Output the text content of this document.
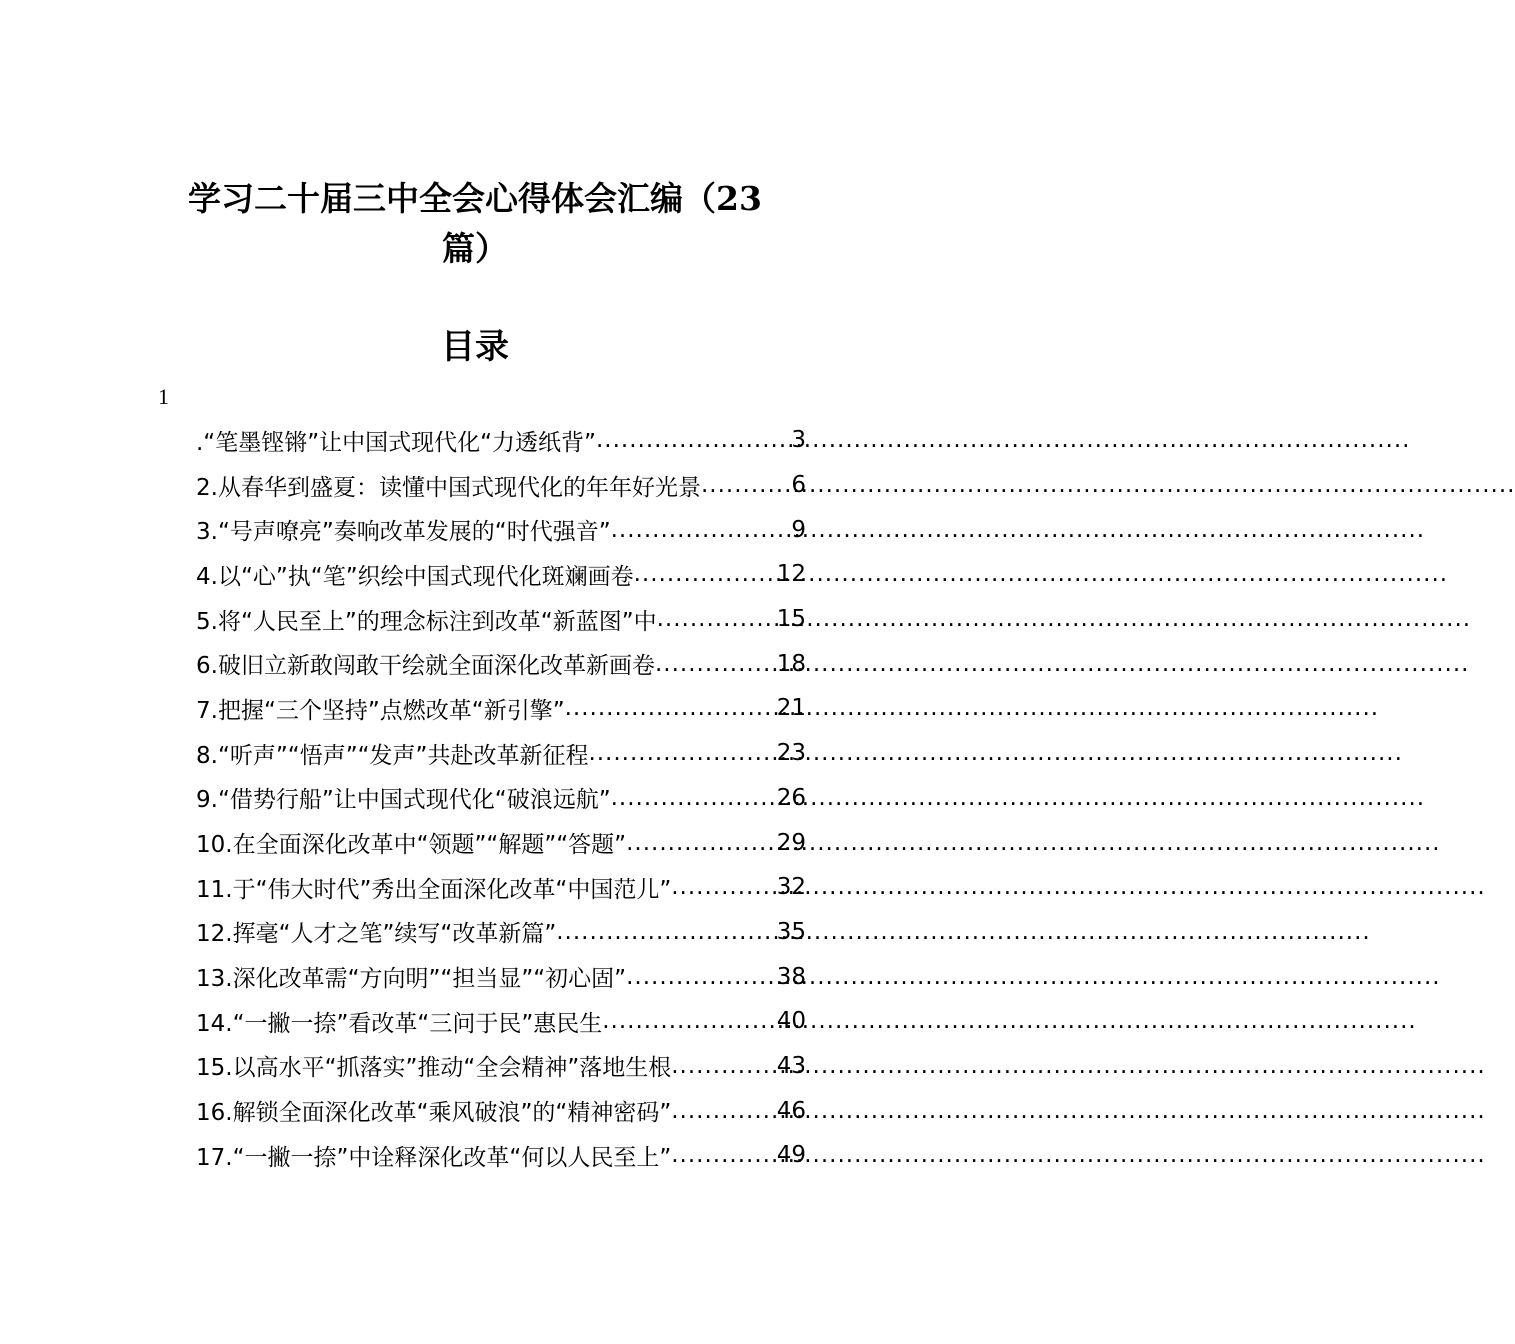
学习二十届三中全会心得体会汇编（23
篇）
目录
1
.“笔墨铿锵”让中国式现代化“力透纸背” .....	3
2.从春华到盛夏：读懂中国式现代化的年年好光景 .....	6
3.“号声嘹亮”奏响改革发展的“时代强音” .....	9
4.以“心”执“笔”织绘中国式现代化斑斓画卷 .....	12
5.将“人民至上”的理念标注到改革“新蓝图”中 .....	15
6.破旧立新敢闯敢干绘就全面深化改革新画卷 .....	18
7.把握“三个坚持”点燃改革“新引擎” .....	21
8.“听声”“悟声”“发声”共赴改革新征程 .....	23
9.“借势行船”让中国式现代化“破浪远航” .....	26
10.在全面深化改革中“领题”“解题”“答题” .....	29
11.于“伟大时代”秀出全面深化改革“中国范儿” .....	32
12.挥毫“人才之笔”续写“改革新篇” .....	35
13.深化改革需“方向明”“担当显”“初心固” .....	38
14.“一撇一捺”看改革“三问于民”惠民生 .....	40
15.以高水平“抓落实”推动“全会精神”落地生根 .....	43
16.解锁全面深化改革“乘风破浪”的“精神密码” .....	46
17.“一撇一捺”中诠释深化改革“何以人民至上” .....	49
